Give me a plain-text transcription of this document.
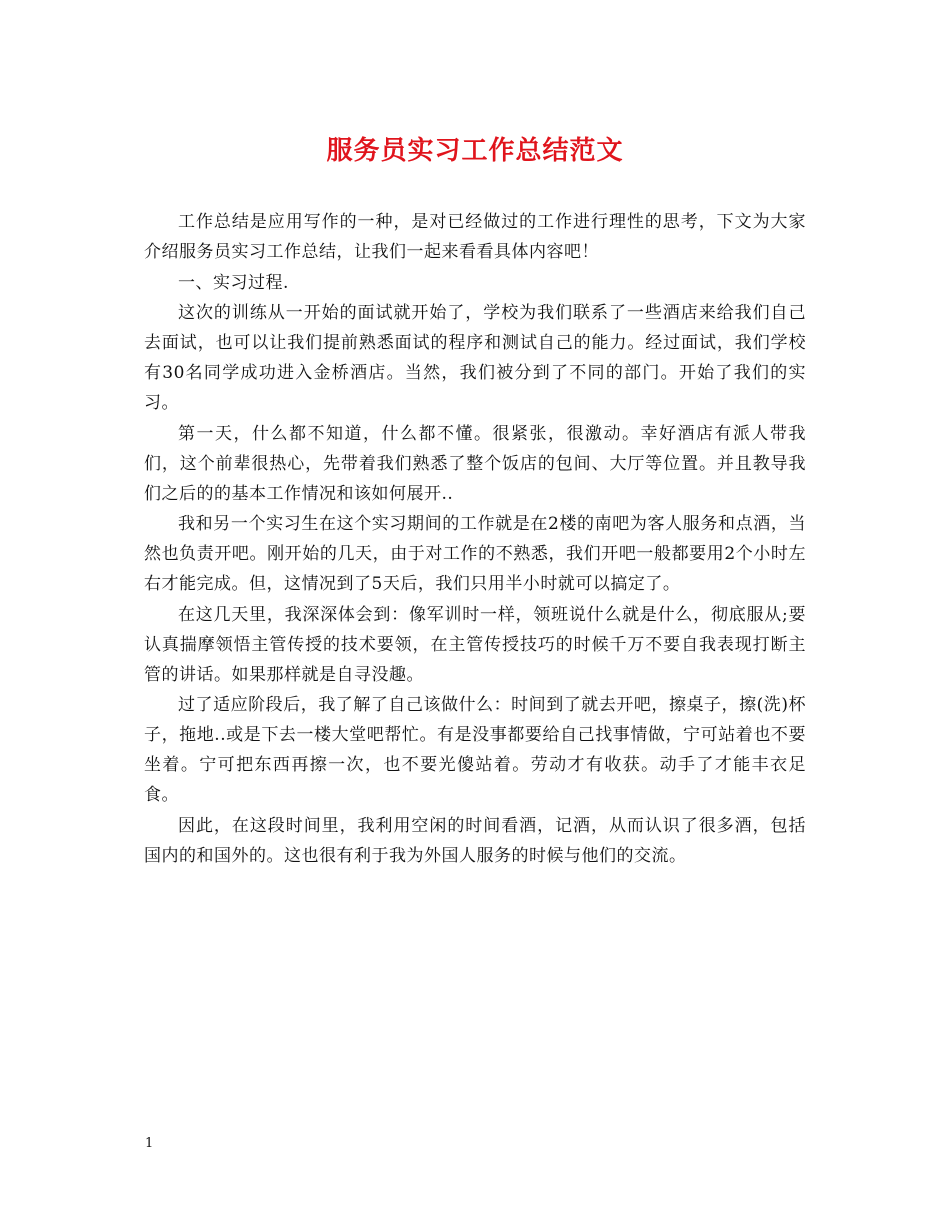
服务员实习工作总结范文

工作总结是应用写作的一种，是对已经做过的工作进行理性的思考，下文为大家介绍服务员实习工作总结，让我们一起来看看具体内容吧！

一、实习过程.

这次的训练从一开始的面试就开始了，学校为我们联系了一些酒店来给我们自己去面试，也可以让我们提前熟悉面试的程序和测试自己的能力。经过面试，我们学校有30名同学成功进入金桥酒店。当然，我们被分到了不同的部门。开始了我们的实习。

第一天，什么都不知道，什么都不懂。很紧张，很激动。幸好酒店有派人带我们，这个前辈很热心，先带着我们熟悉了整个饭店的包间、大厅等位置。并且教导我们之后的的基本工作情况和该如何展开..

我和另一个实习生在这个实习期间的工作就是在2楼的南吧为客人服务和点酒，当然也负责开吧。刚开始的几天，由于对工作的不熟悉，我们开吧一般都要用2个小时左右才能完成。但，这情况到了5天后，我们只用半小时就可以搞定了。

在这几天里，我深深体会到：像军训时一样，领班说什么就是什么，彻底服从;要认真揣摩领悟主管传授的技术要领，在主管传授技巧的时候千万不要自我表现打断主管的讲话。如果那样就是自寻没趣。

过了适应阶段后，我了解了自己该做什么：时间到了就去开吧，擦桌子，擦(洗)杯子，拖地..或是下去一楼大堂吧帮忙。有是没事都要给自己找事情做，宁可站着也不要坐着。宁可把东西再擦一次，也不要光傻站着。劳动才有收获。动手了才能丰衣足食。

因此，在这段时间里，我利用空闲的时间看酒，记酒，从而认识了很多酒，包括国内的和国外的。这也很有利于我为外国人服务的时候与他们的交流。

1
